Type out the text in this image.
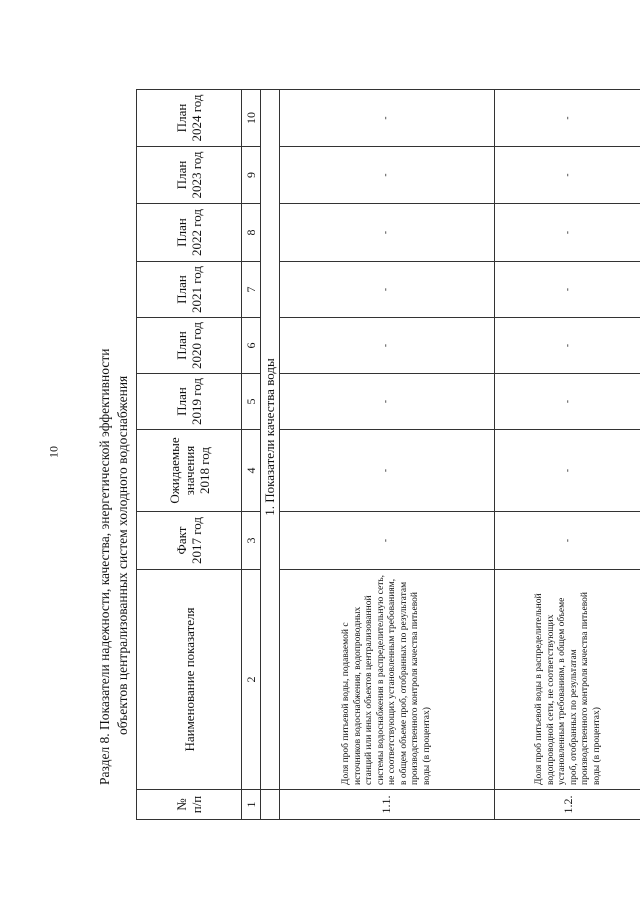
10	Раздел 8. Показатели надежности, качества, энергетической эффективности объектов централизованных систем холодного водоснабжения
№ п/п	Наименование показателя	Факт 2017 год	Ожидаемые значения 2018 год	План 2019 год	План 2020 год	План 2021 год	План 2022 год	План 2023 год	План 2024 год
1	2	3	4	5	6	7	8	9	10
	1. Показатели качества воды								
1.1.	Доля проб питьевой воды, подаваемой с источников водоснабжения, водопроводных станций или иных объектов централизованной системы водоснабжения в распределительную сеть, не соответствующих установленным требованиям, в общем объеме проб, отобранных по результатам производственного контроля качества питьевой воды (в процентах)	-	-	-	-	-	-	-	-
1.2.	Доля проб питьевой воды в распределительной водопроводной сети, не соответствующих установленным требованиям, в общем объеме проб, отобранных по результатам производственного контроля качества питьевой воды (в процентах)	-	-	-	-	-	-	-	-
